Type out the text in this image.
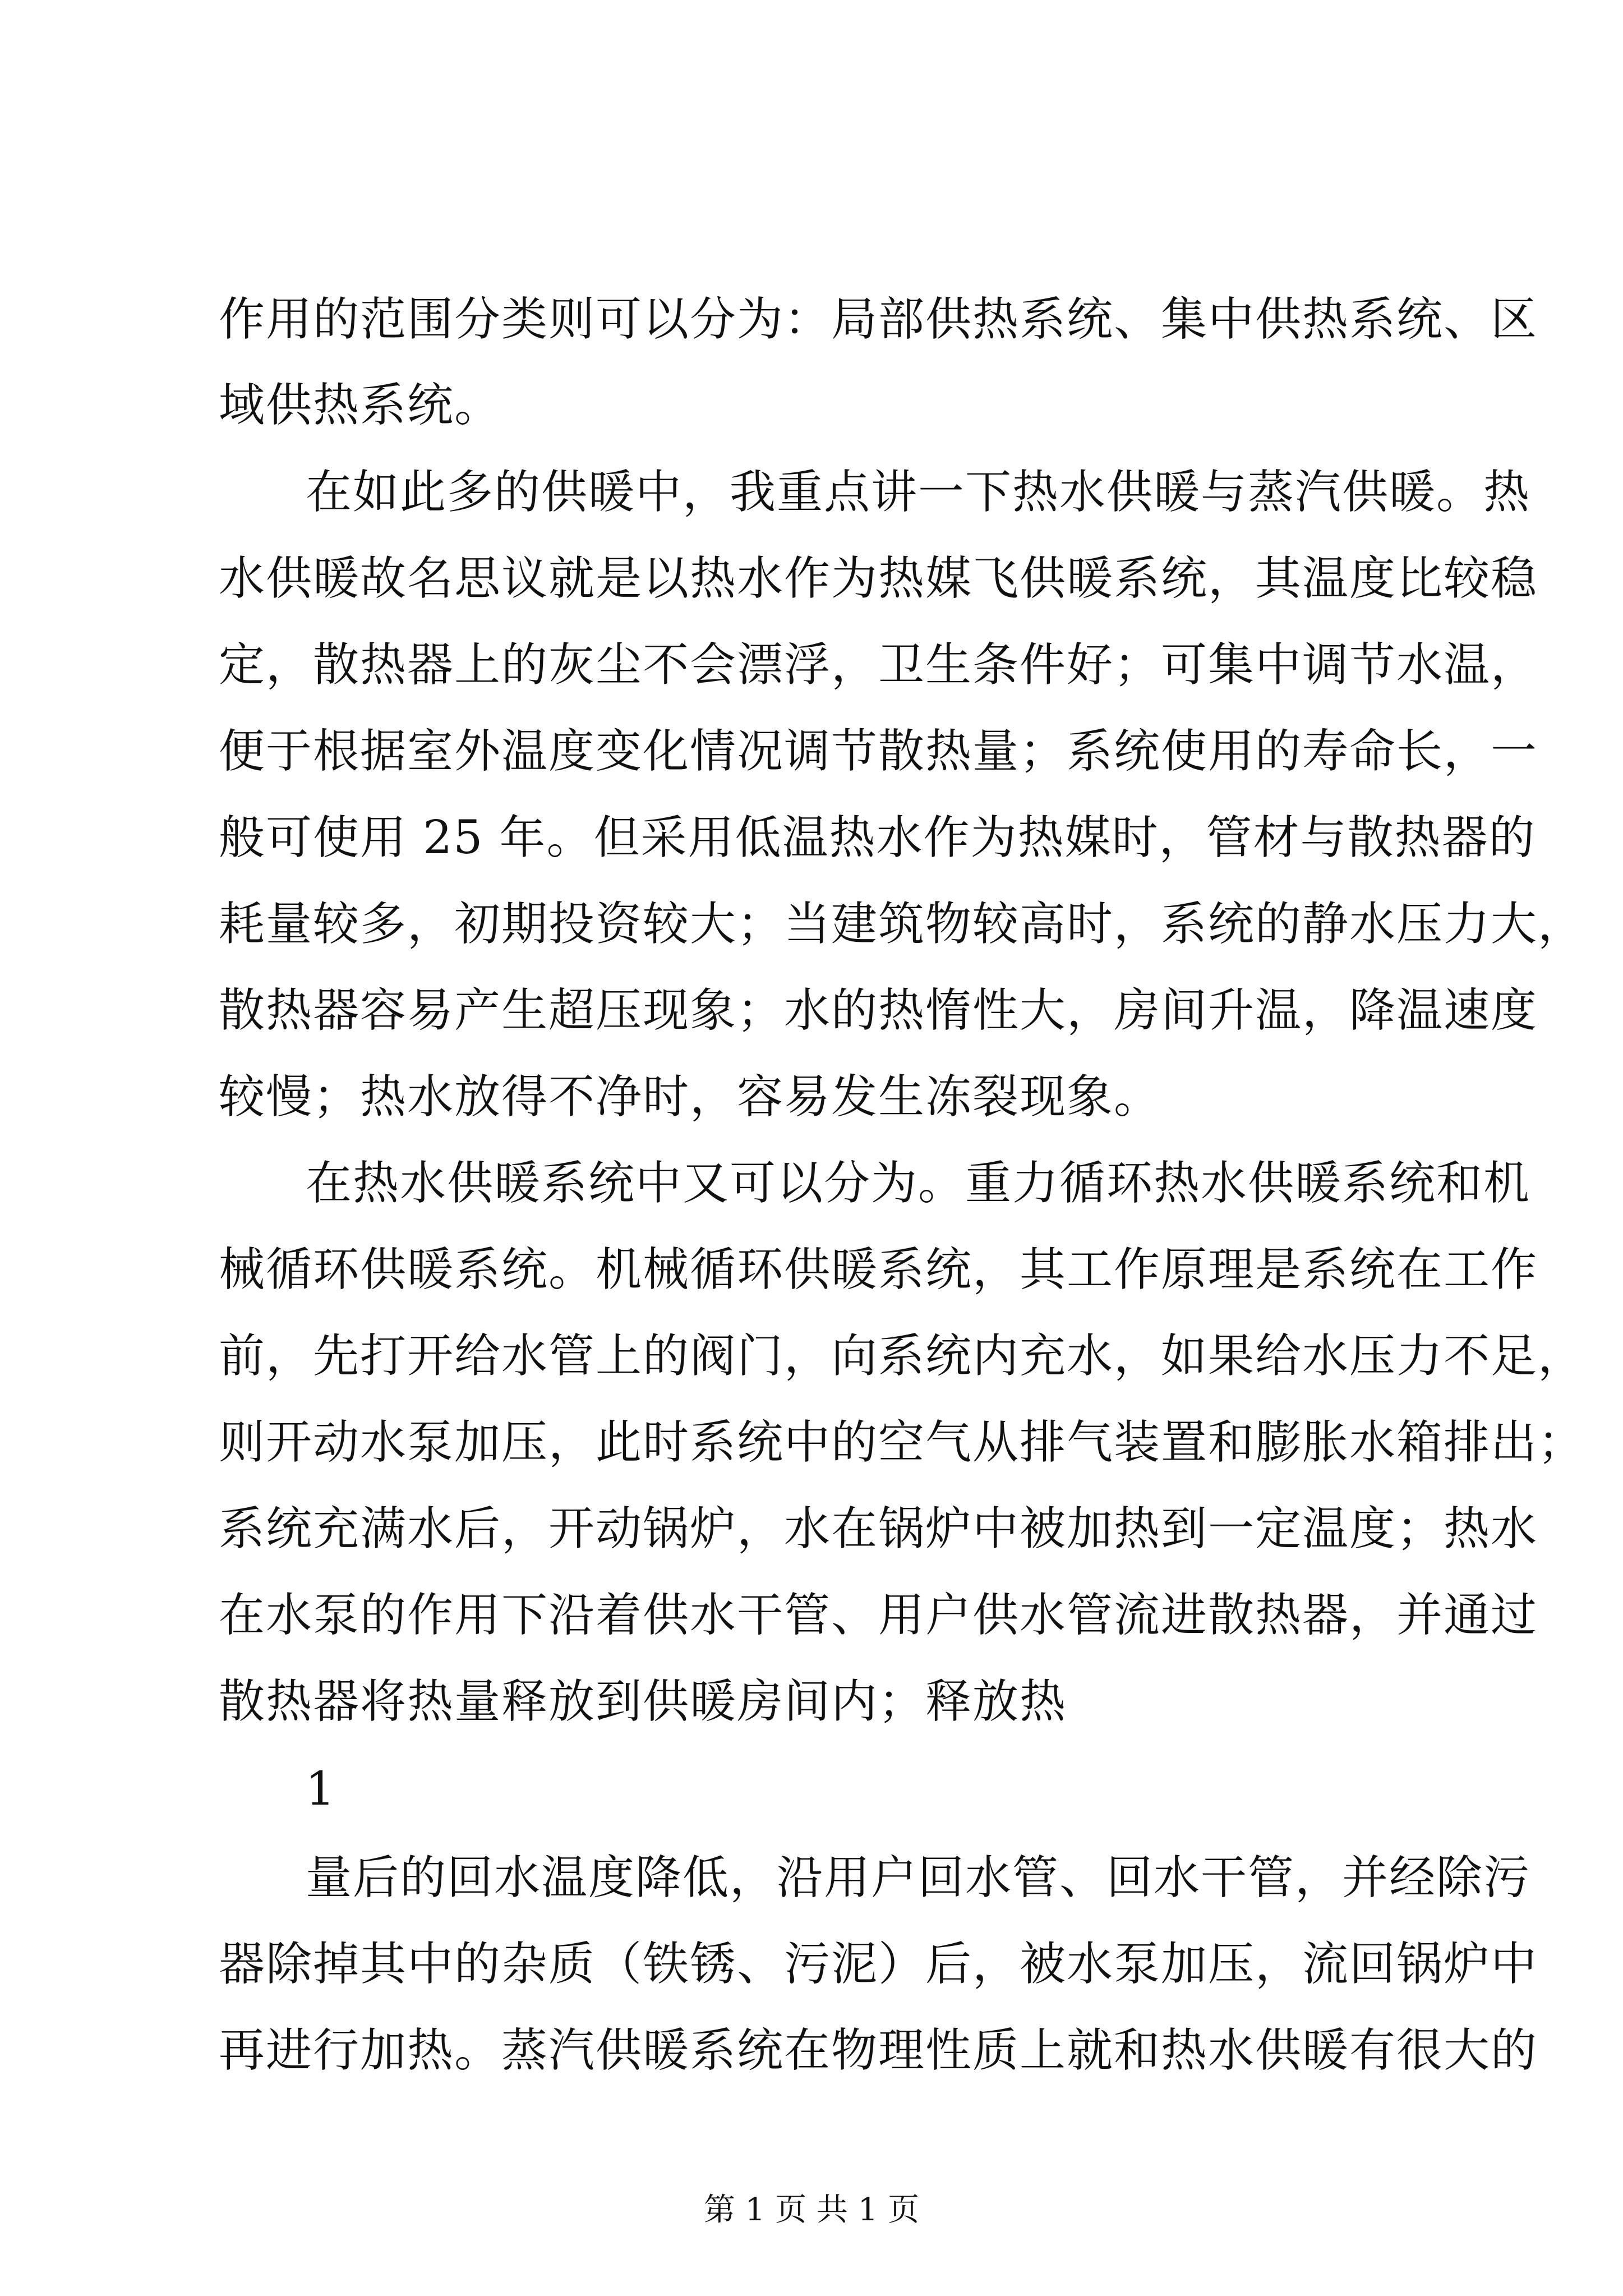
作用的范围分类则可以分为：局部供热系统、集中供热系统、区
域供热系统。
在如此多的供暖中，我重点讲一下热水供暖与蒸汽供暖。热
水供暖故名思议就是以热水作为热媒飞供暖系统，其温度比较稳
定，散热器上的灰尘不会漂浮，卫生条件好；可集中调节水温，
便于根据室外温度变化情况调节散热量；系统使用的寿命长，一
般可使用 25 年。但采用低温热水作为热媒时，管材与散热器的
耗量较多，初期投资较大；当建筑物较高时，系统的静水压力大，
散热器容易产生超压现象；水的热惰性大，房间升温，降温速度
较慢；热水放得不净时，容易发生冻裂现象。
在热水供暖系统中又可以分为。重力循环热水供暖系统和机
械循环供暖系统。机械循环供暖系统，其工作原理是系统在工作
前，先打开给水管上的阀门，向系统内充水，如果给水压力不足，
则开动水泵加压，此时系统中的空气从排气装置和膨胀水箱排出；
系统充满水后，开动锅炉，水在锅炉中被加热到一定温度；热水
在水泵的作用下沿着供水干管、用户供水管流进散热器，并通过
散热器将热量释放到供暖房间内；释放热
1
量后的回水温度降低，沿用户回水管、回水干管，并经除污
器除掉其中的杂质（铁锈、污泥）后，被水泵加压，流回锅炉中
再进行加热。蒸汽供暖系统在物理性质上就和热水供暖有很大的
第 1 页 共 1 页
